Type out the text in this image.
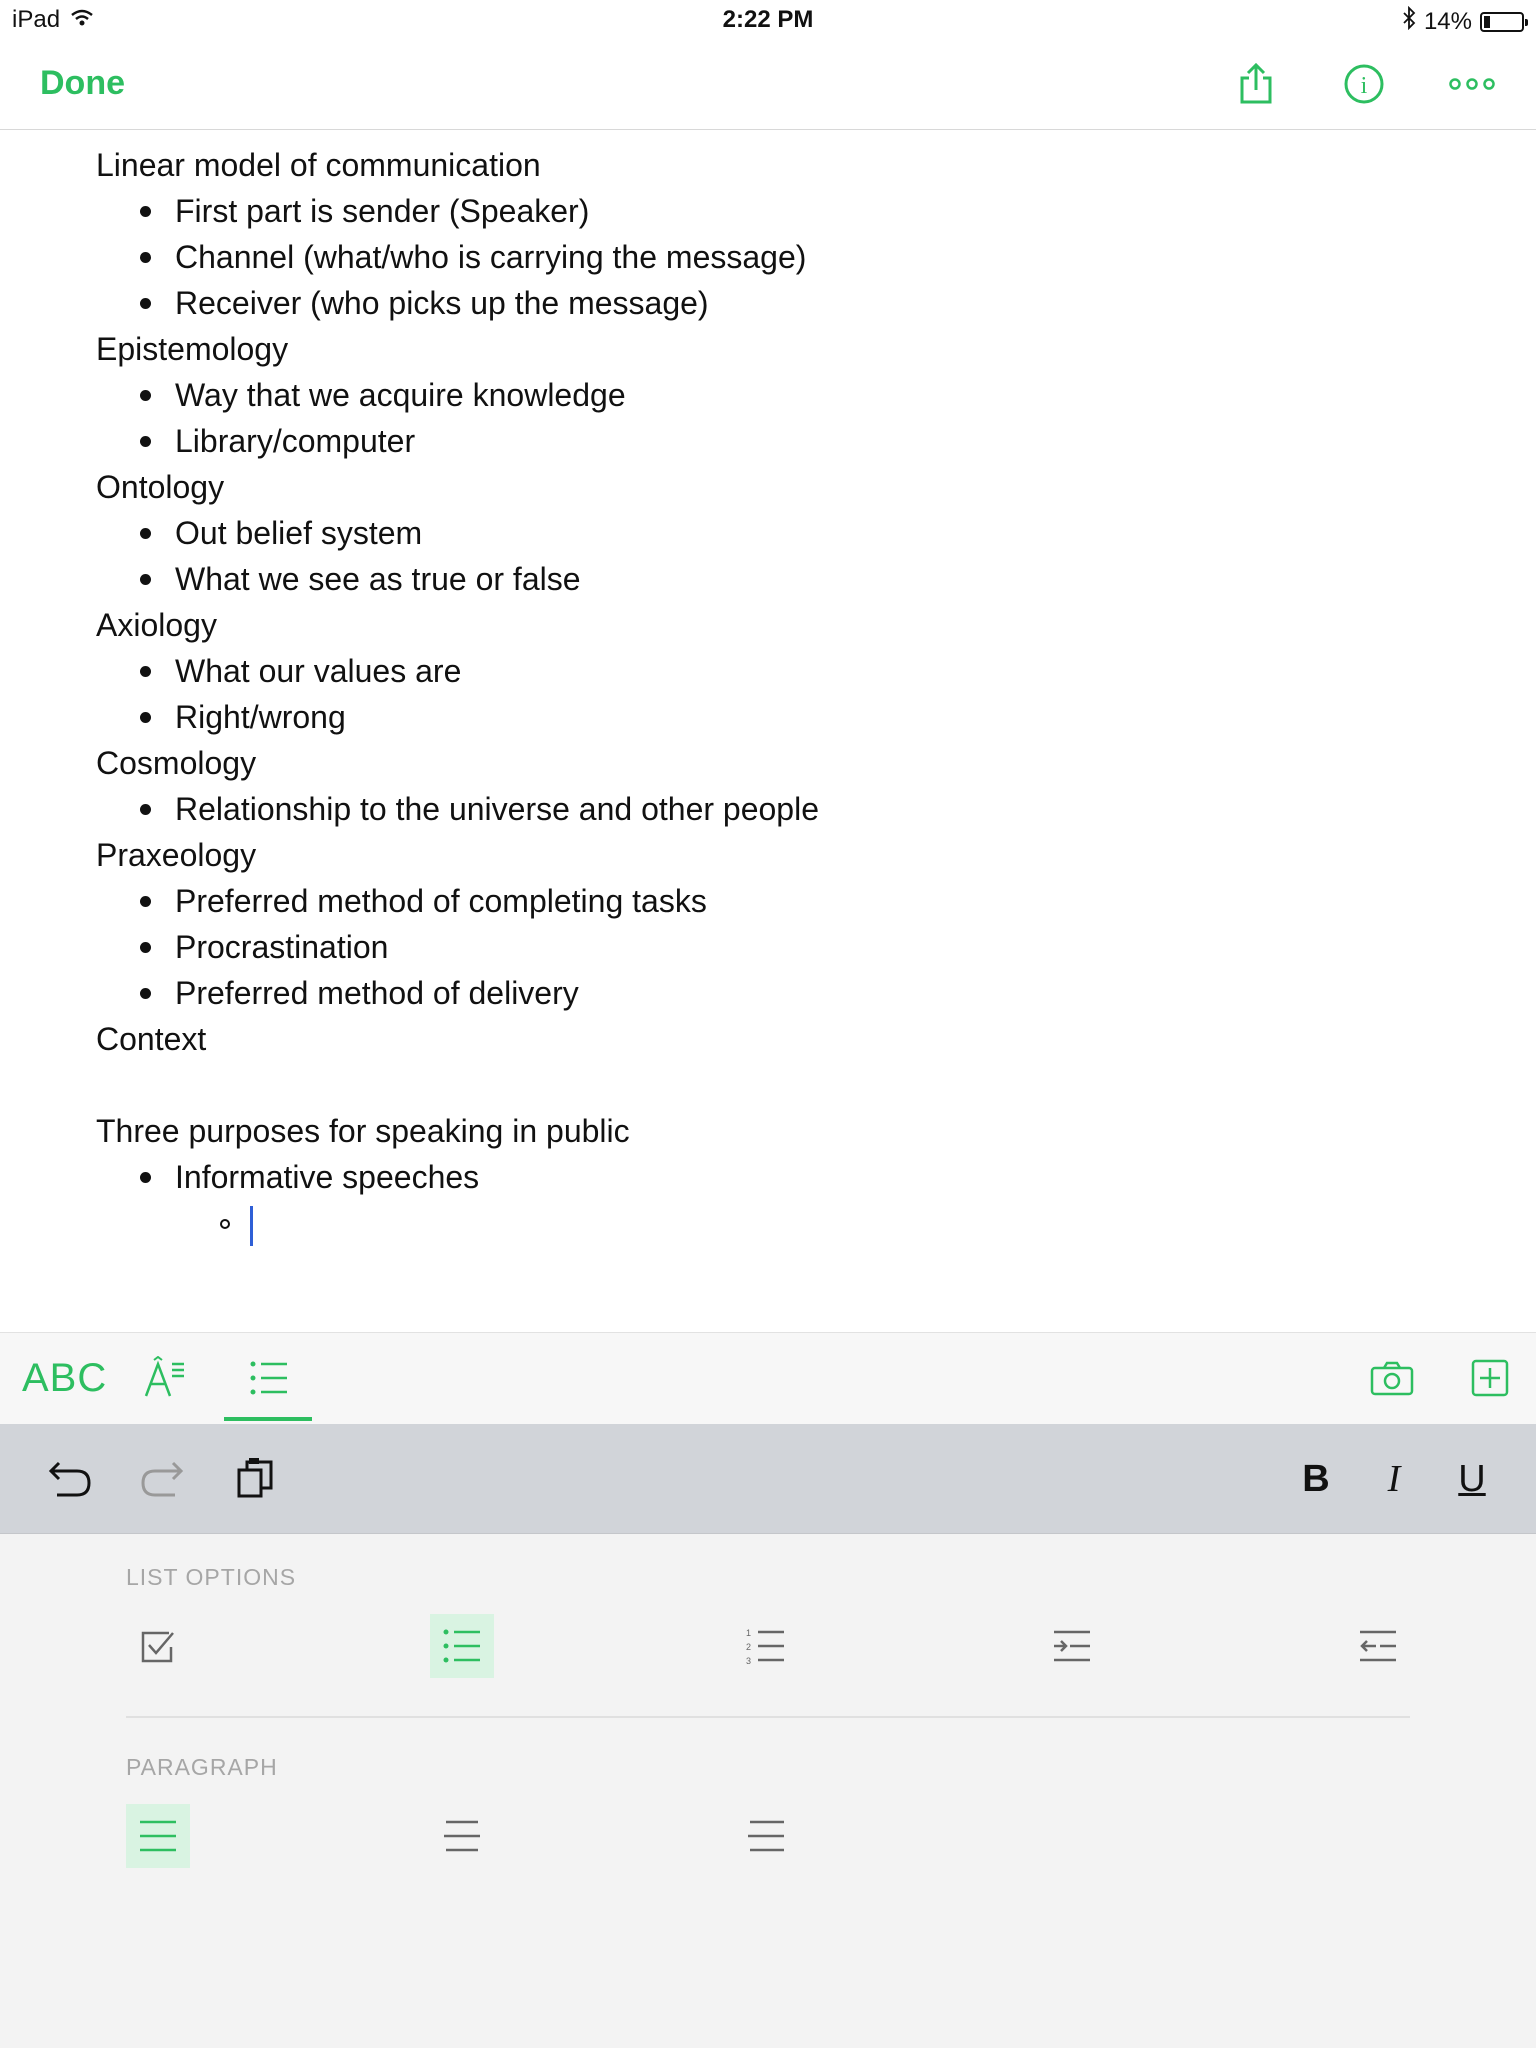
iPad	2:22 PM	14%
Done	i
Linear model of communication
First part is sender (Speaker)
Channel (what/who is carrying the message)
Receiver (who picks up the message)
Epistemology
Way that we acquire knowledge
Library/computer
Ontology
Out belief system
What we see as true or false
Axiology
What our values are
Right/wrong
Cosmology
Relationship to the universe and other people
Praxeology
Preferred method of completing tasks
Procrastination
Preferred method of delivery
Context
Three purposes for speaking in public
Informative speeches
ABC
B	I	U
LIST OPTIONS
1
2
3
PARAGRAPH
